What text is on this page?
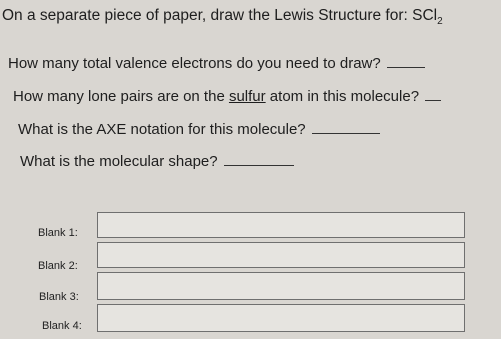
On a separate piece of paper, draw the Lewis Structure for: SCl$_2$
How many total valence electrons do you need to draw?
How many lone pairs are on the sulfur atom in this molecule?
What is the AXE notation for this molecule?
What is the molecular shape?
Blank 1:
Blank 2:
Blank 3:
Blank 4:
